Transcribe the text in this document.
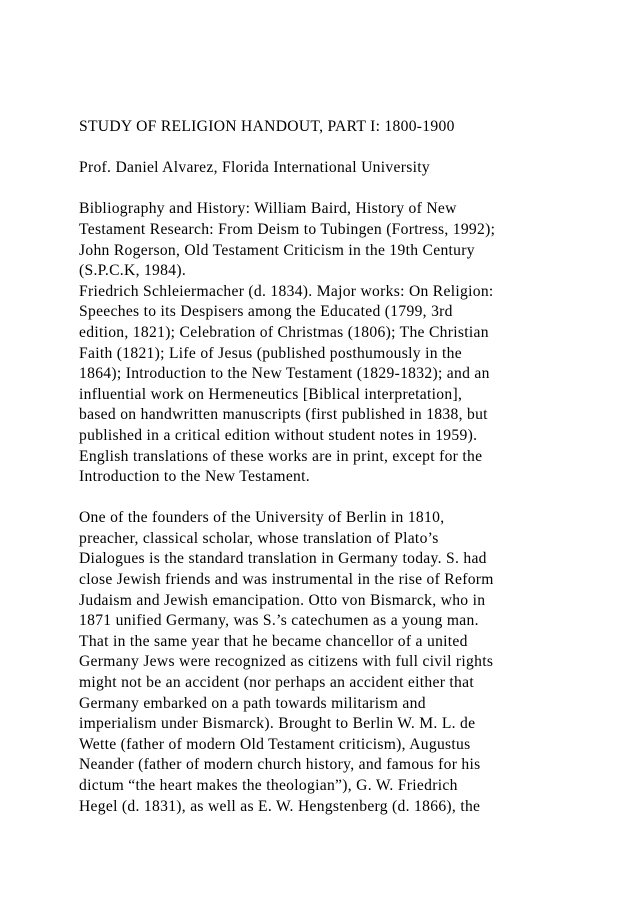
STUDY OF RELIGION HANDOUT, PART I: 1800-1900
Prof. Daniel Alvarez, Florida International University
Bibliography and History: William Baird, History of New
Testament Research: From Deism to Tubingen (Fortress, 1992);
John Rogerson, Old Testament Criticism in the 19th Century
(S.P.C.K, 1984).
Friedrich Schleiermacher (d. 1834). Major works: On Religion:
Speeches to its Despisers among the Educated (1799, 3rd
edition, 1821); Celebration of Christmas (1806); The Christian
Faith (1821); Life of Jesus (published posthumously in the
1864); Introduction to the New Testament (1829-1832); and an
influential work on Hermeneutics [Biblical interpretation],
based on handwritten manuscripts (first published in 1838, but
published in a critical edition without student notes in 1959).
English translations of these works are in print, except for the
Introduction to the New Testament.
One of the founders of the University of Berlin in 1810,
preacher, classical scholar, whose translation of Plato’s
Dialogues is the standard translation in Germany today. S. had
close Jewish friends and was instrumental in the rise of Reform
Judaism and Jewish emancipation. Otto von Bismarck, who in
1871 unified Germany, was S.’s catechumen as a young man.
That in the same year that he became chancellor of a united
Germany Jews were recognized as citizens with full civil rights
might not be an accident (nor perhaps an accident either that
Germany embarked on a path towards militarism and
imperialism under Bismarck). Brought to Berlin W. M. L. de
Wette (father of modern Old Testament criticism), Augustus
Neander (father of modern church history, and famous for his
dictum “the heart makes the theologian”), G. W. Friedrich
Hegel (d. 1831), as well as E. W. Hengstenberg (d. 1866), the
